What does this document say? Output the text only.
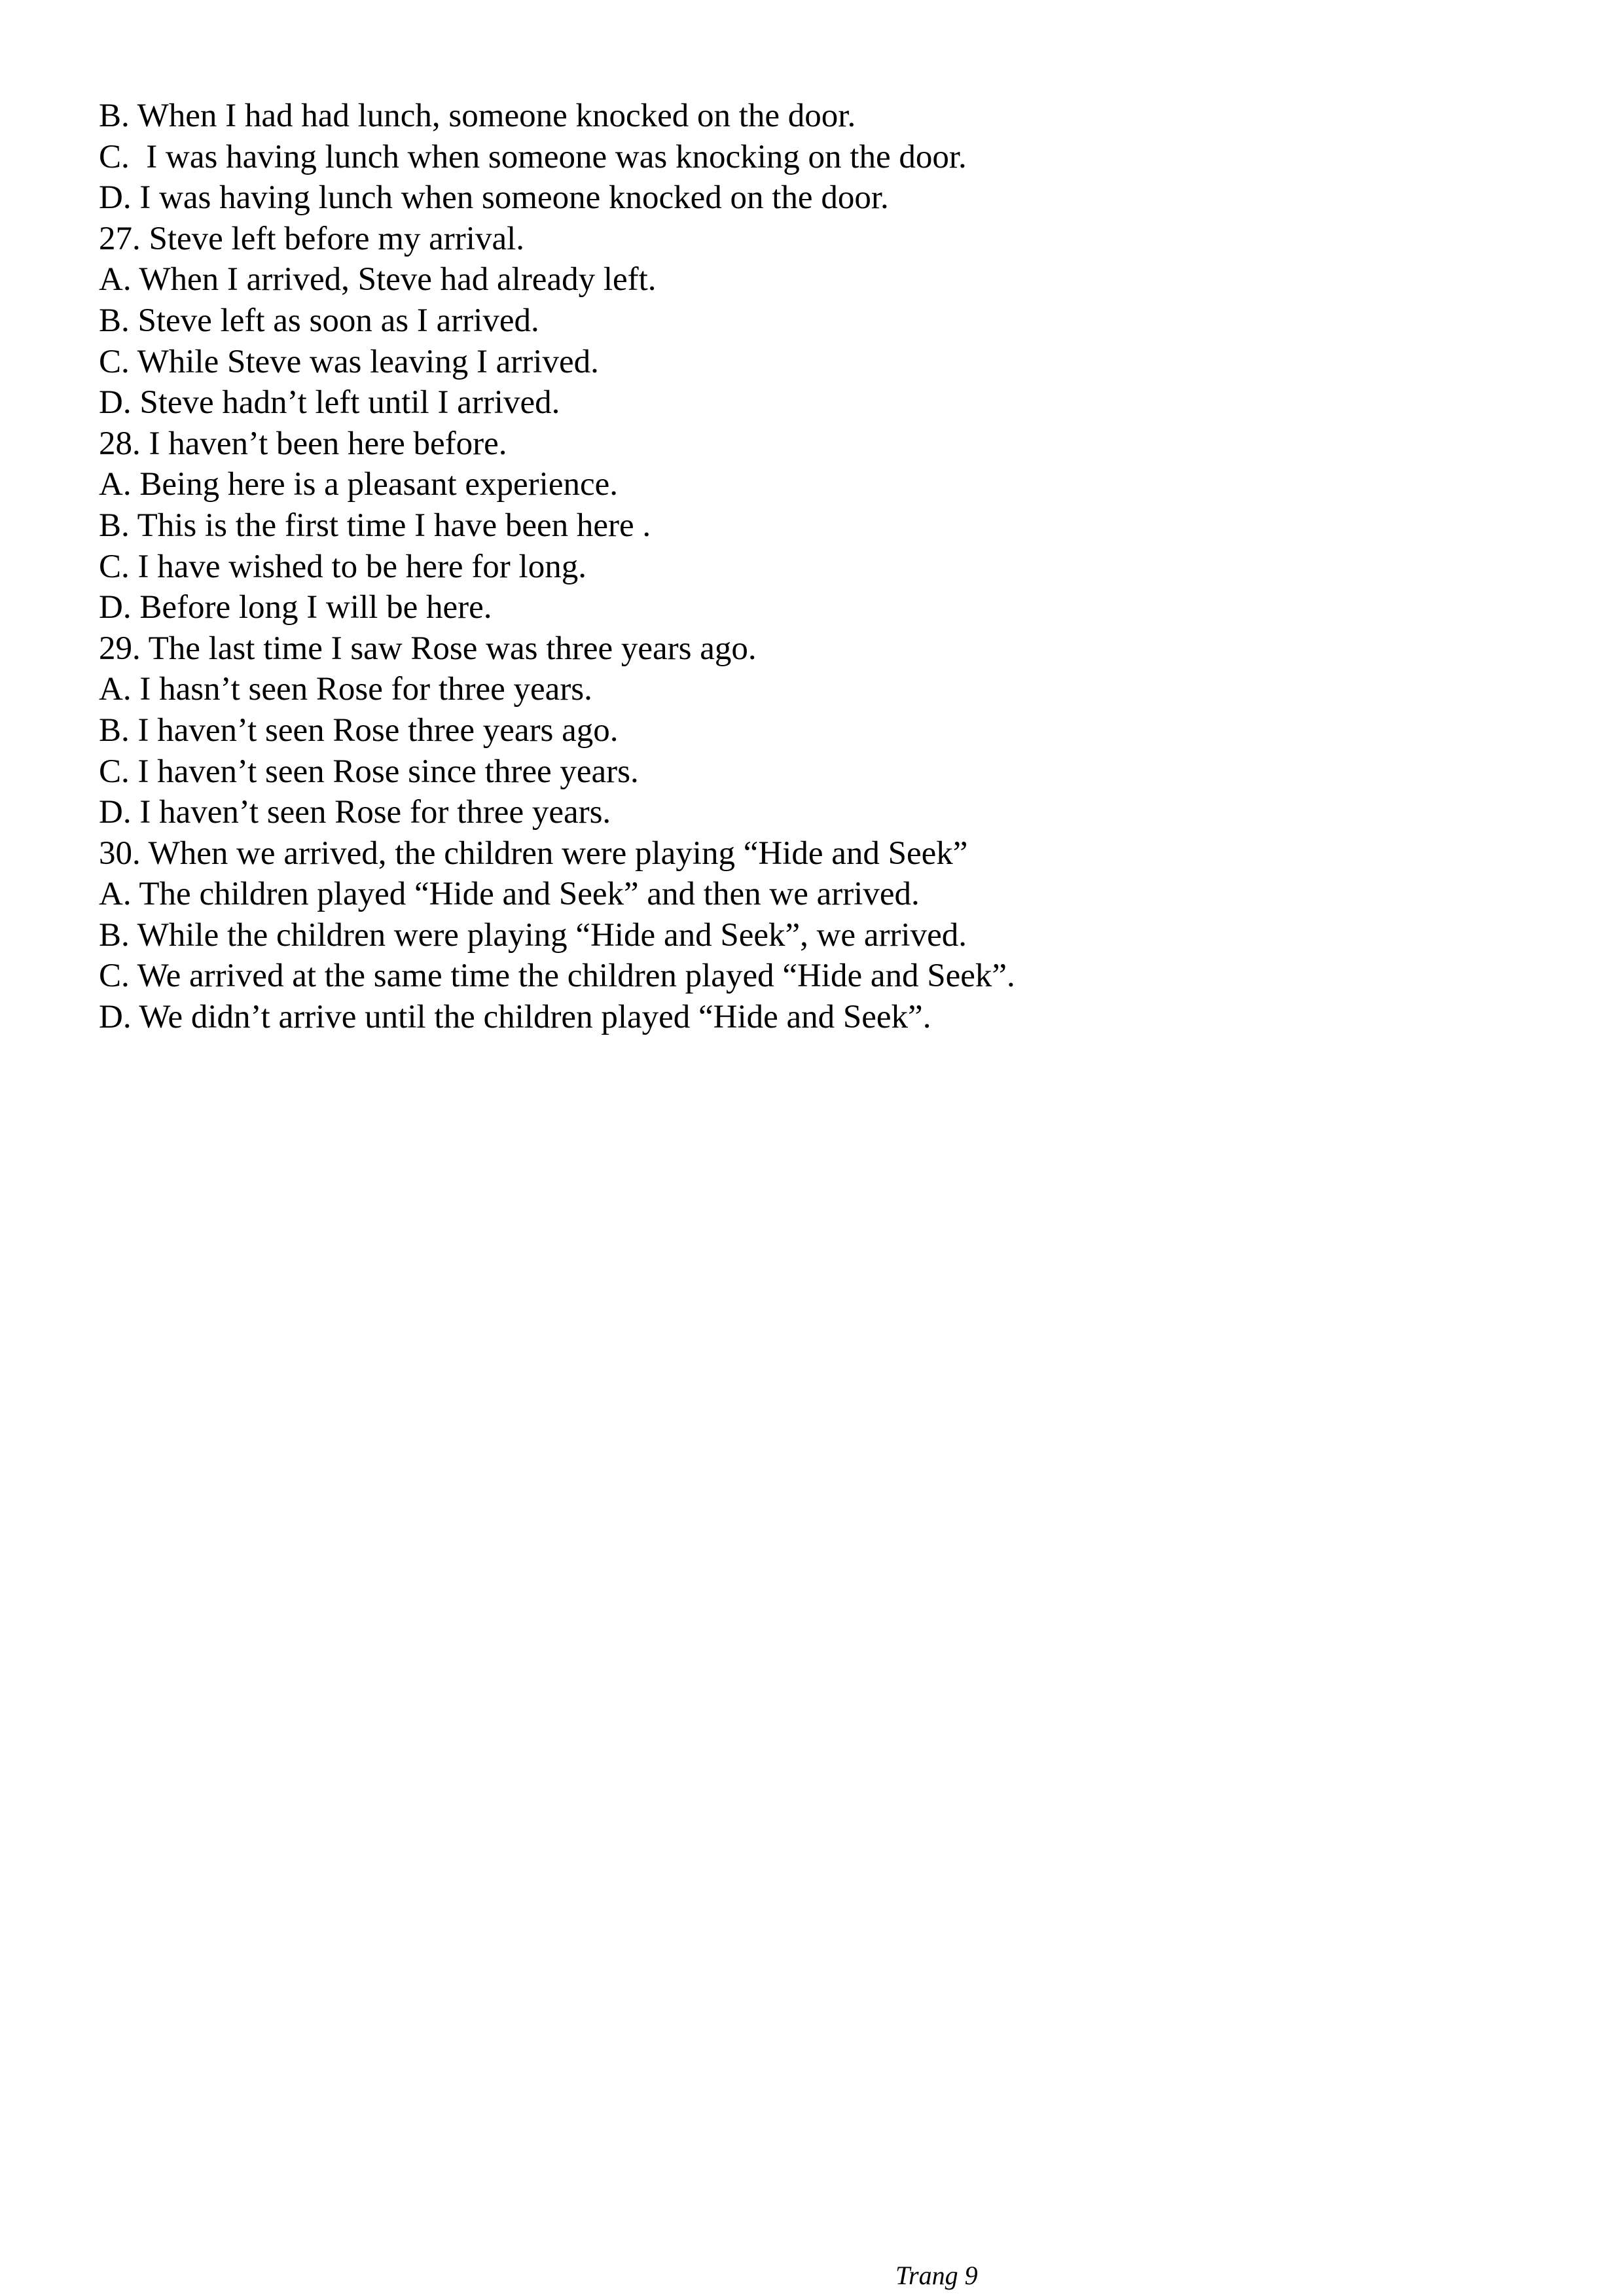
B. When I had had lunch, someone knocked on the door.

C.  I was having lunch when someone was knocking on the door.

D. I was having lunch when someone knocked on the door.

27. Steve left before my arrival.

A. When I arrived, Steve had already left.

B. Steve left as soon as I arrived.

C. While Steve was leaving I arrived.

D. Steve hadn’t left until I arrived.

28. I haven’t been here before.

A. Being here is a pleasant experience.

B. This is the first time I have been here .

C. I have wished to be here for long.

D. Before long I will be here.

29. The last time I saw Rose was three years ago.

A. I hasn’t seen Rose for three years.

B. I haven’t seen Rose three years ago.

C. I haven’t seen Rose since three years.

D. I haven’t seen Rose for three years.

30. When we arrived, the children were playing “Hide and Seek”

A. The children played “Hide and Seek” and then we arrived.

B. While the children were playing “Hide and Seek”, we arrived.

C. We arrived at the same time the children played “Hide and Seek”.

D. We didn’t arrive until the children played “Hide and Seek”.

Trang 9
